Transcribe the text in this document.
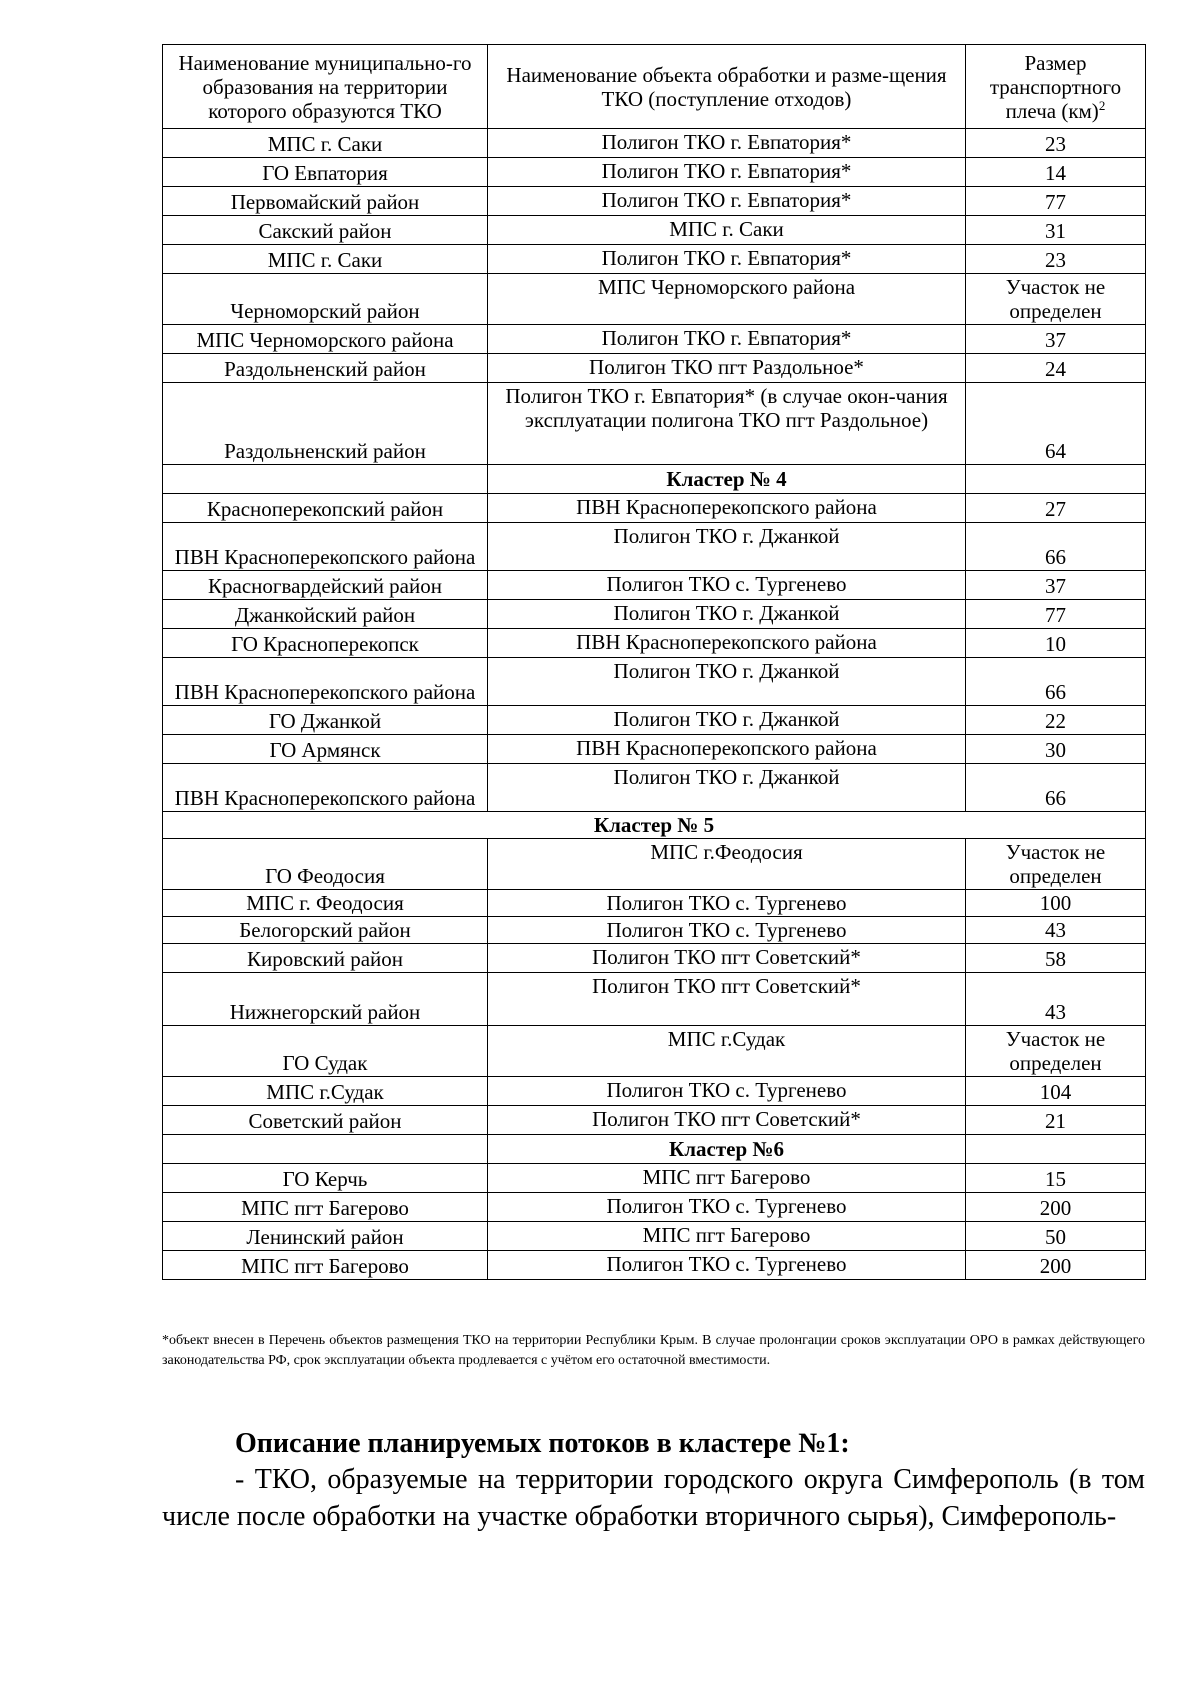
Наименование муниципально-го образования на территории которого образуются ТКО	Наименование объекта обработки и разме-щения ТКО (поступление отходов)	Размер транспортного плеча (км)$^2$
МПС г. Саки	Полигон ТКО г. Евпатория*	23
ГО Евпатория	Полигон ТКО г. Евпатория*	14
Первомайский район	Полигон ТКО г. Евпатория*	77
Сакский район	МПС г. Саки	31
МПС г. Саки	Полигон ТКО г. Евпатория*	23
Черноморский район	МПС Черноморского района	Участок не определен
МПС Черноморского района	Полигон ТКО г. Евпатория*	37
Раздольненский район	Полигон ТКО пгт Раздольное*	24
Раздольненский район	Полигон ТКО г. Евпатория* (в случае окон-чания эксплуатации полигона ТКО пгт Раздольное)	64
	Кластер № 4	
Красноперекопский район	ПВН Красноперекопского района	27
ПВН Красноперекопского района	Полигон ТКО г. Джанкой	66
Красногвардейский район	Полигон ТКО с. Тургенево	37
Джанкойский район	Полигон ТКО г. Джанкой	77
ГО Красноперекопск	ПВН Красноперекопского района	10
ПВН Красноперекопского района	Полигон ТКО г. Джанкой	66
ГО Джанкой	Полигон ТКО г. Джанкой	22
ГО Армянск	ПВН Красноперекопского района	30
ПВН Красноперекопского района	Полигон ТКО г. Джанкой	66
Кластер № 5		
ГО Феодосия	МПС г.Феодосия	Участок не определен
МПС г. Феодосия	Полигон ТКО с. Тургенево	100
Белогорский район	Полигон ТКО с. Тургенево	43
Кировский район	Полигон ТКО пгт Советский*	58
Нижнегорский район	Полигон ТКО пгт Советский*	43
ГО Судак	МПС г.Судак	Участок не определен
МПС г.Судак	Полигон ТКО с. Тургенево	104
Советский район	Полигон ТКО пгт Советский*	21
	Кластер №6	
ГО Керчь	МПС пгт Багерово	15
МПС пгт Багерово	Полигон ТКО с. Тургенево	200
Ленинский район	МПС пгт Багерово	50
МПС пгт Багерово	Полигон ТКО с. Тургенево	200

*объект внесен в Перечень объектов размещения ТКО на территории Республики Крым. В случае пролонгации сроков эксплуатации ОРО в рамках действующего законодательства РФ, срок эксплуатации объекта продлевается с учётом его остаточной вместимости.

Описание планируемых потоков в кластере №1:

- ТКО, образуемые на территории городского округа Симферополь (в том числе после обработки на участке обработки вторичного сырья), Симферополь-
